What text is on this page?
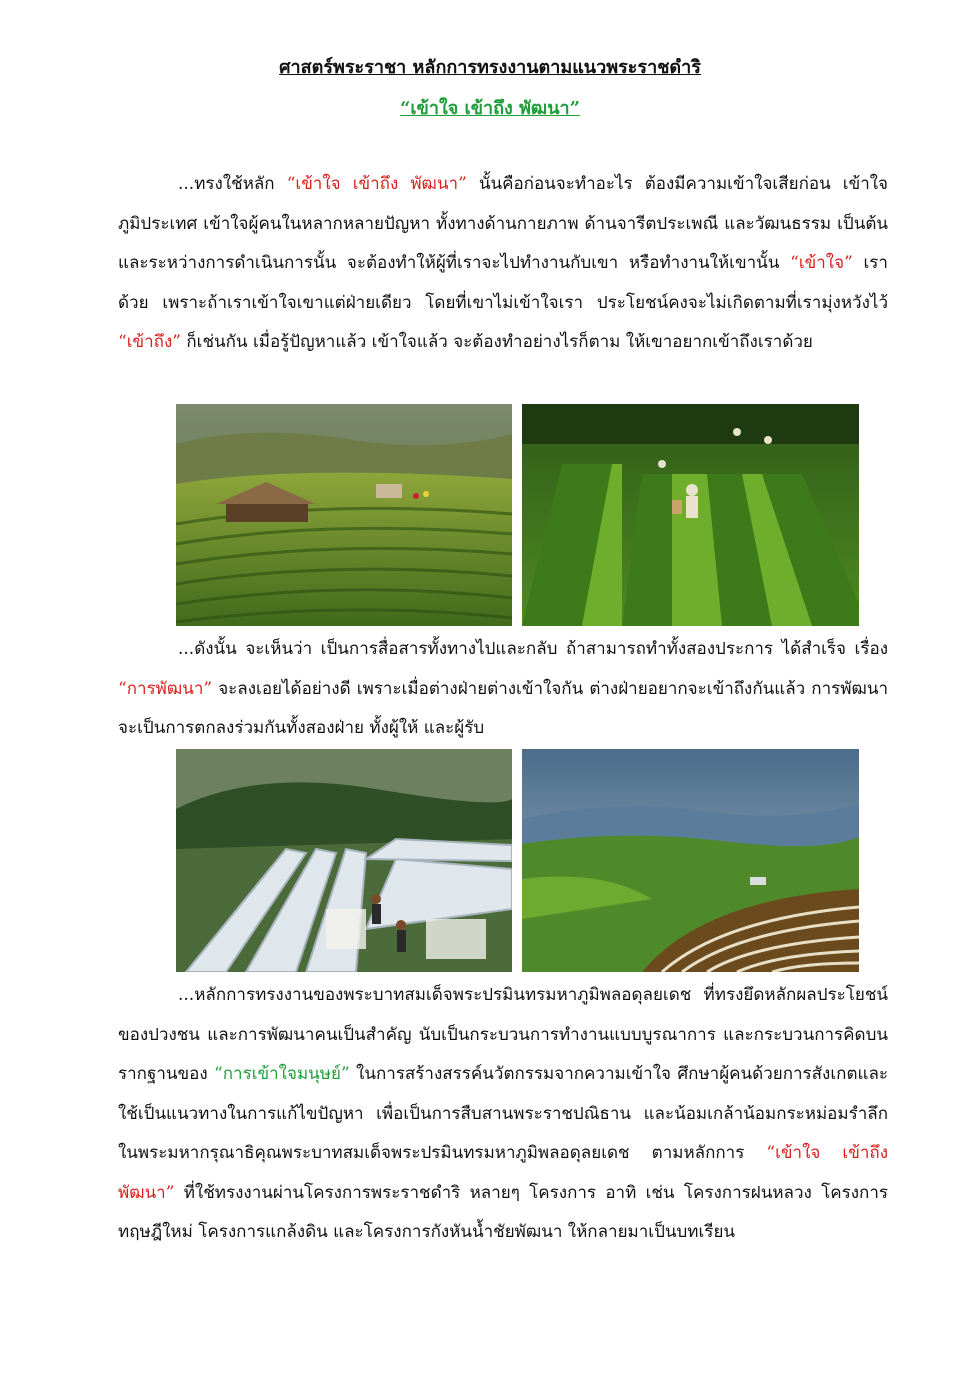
ศาสตร์พระราชา หลักการทรงงานตามแนวพระราชดำริ
“เข้าใจ เข้าถึง พัฒนา”

...ทรงใช้หลัก “เข้าใจ เข้าถึง พัฒนา” นั้นคือก่อนจะทำอะไร ต้องมีความเข้าใจเสียก่อน เข้าใจภูมิประเทศ เข้าใจผู้คนในหลากหลายปัญหา ทั้งทางด้านกายภาพ ด้านจารีตประเพณี และวัฒนธรรม เป็นต้น และระหว่างการดำเนินการนั้น จะต้องทำให้ผู้ที่เราจะไปทำงานกับเขา หรือทำงานให้เขานั้น “เข้าใจ” เราด้วย เพราะถ้าเราเข้าใจเขาแต่ฝ่ายเดียว โดยที่เขาไม่เข้าใจเรา ประโยชน์คงจะไม่เกิดตามที่เรามุ่งหวังไว้ “เข้าถึง” ก็เช่นกัน เมื่อรู้ปัญหาแล้ว เข้าใจแล้ว จะต้องทำอย่างไรก็ตาม ให้เขาอยากเข้าถึงเราด้วย

...ดังนั้น จะเห็นว่า เป็นการสื่อสารทั้งทางไปและกลับ ถ้าสามารถทำทั้งสองประการ ได้สำเร็จ เรื่อง “การพัฒนา” จะลงเอยได้อย่างดี เพราะเมื่อต่างฝ่ายต่างเข้าใจกัน ต่างฝ่ายอยากจะเข้าถึงกันแล้ว การพัฒนาจะเป็นการตกลงร่วมกันทั้งสองฝ่าย ทั้งผู้ให้ และผู้รับ

...หลักการทรงงานของพระบาทสมเด็จพระปรมินทรมหาภูมิพลอดุลยเดช ที่ทรงยึดหลักผลประโยชน์ของปวงชน และการพัฒนาคนเป็นสำคัญ นับเป็นกระบวนการทำงานแบบบูรณาการ และกระบวนการคิดบนรากฐานของ “การเข้าใจมนุษย์” ในการสร้างสรรค์นวัตกรรมจากความเข้าใจ ศึกษาผู้คนด้วยการสังเกตและใช้เป็นแนวทางในการแก้ไขปัญหา เพื่อเป็นการสืบสานพระราชปณิธาน และน้อมเกล้าน้อมกระหม่อมรำลึกในพระมหากรุณาธิคุณพระบาทสมเด็จพระปรมินทรมหาภูมิพลอดุลยเดช ตามหลักการ “เข้าใจ เข้าถึง พัฒนา” ที่ใช้ทรงงานผ่านโครงการพระราชดำริ หลายๆ โครงการ อาทิ เช่น โครงการฝนหลวง โครงการทฤษฎีใหม่ โครงการแกล้งดิน และโครงการกังหันน้ำชัยพัฒนา ให้กลายมาเป็นบทเรียน
